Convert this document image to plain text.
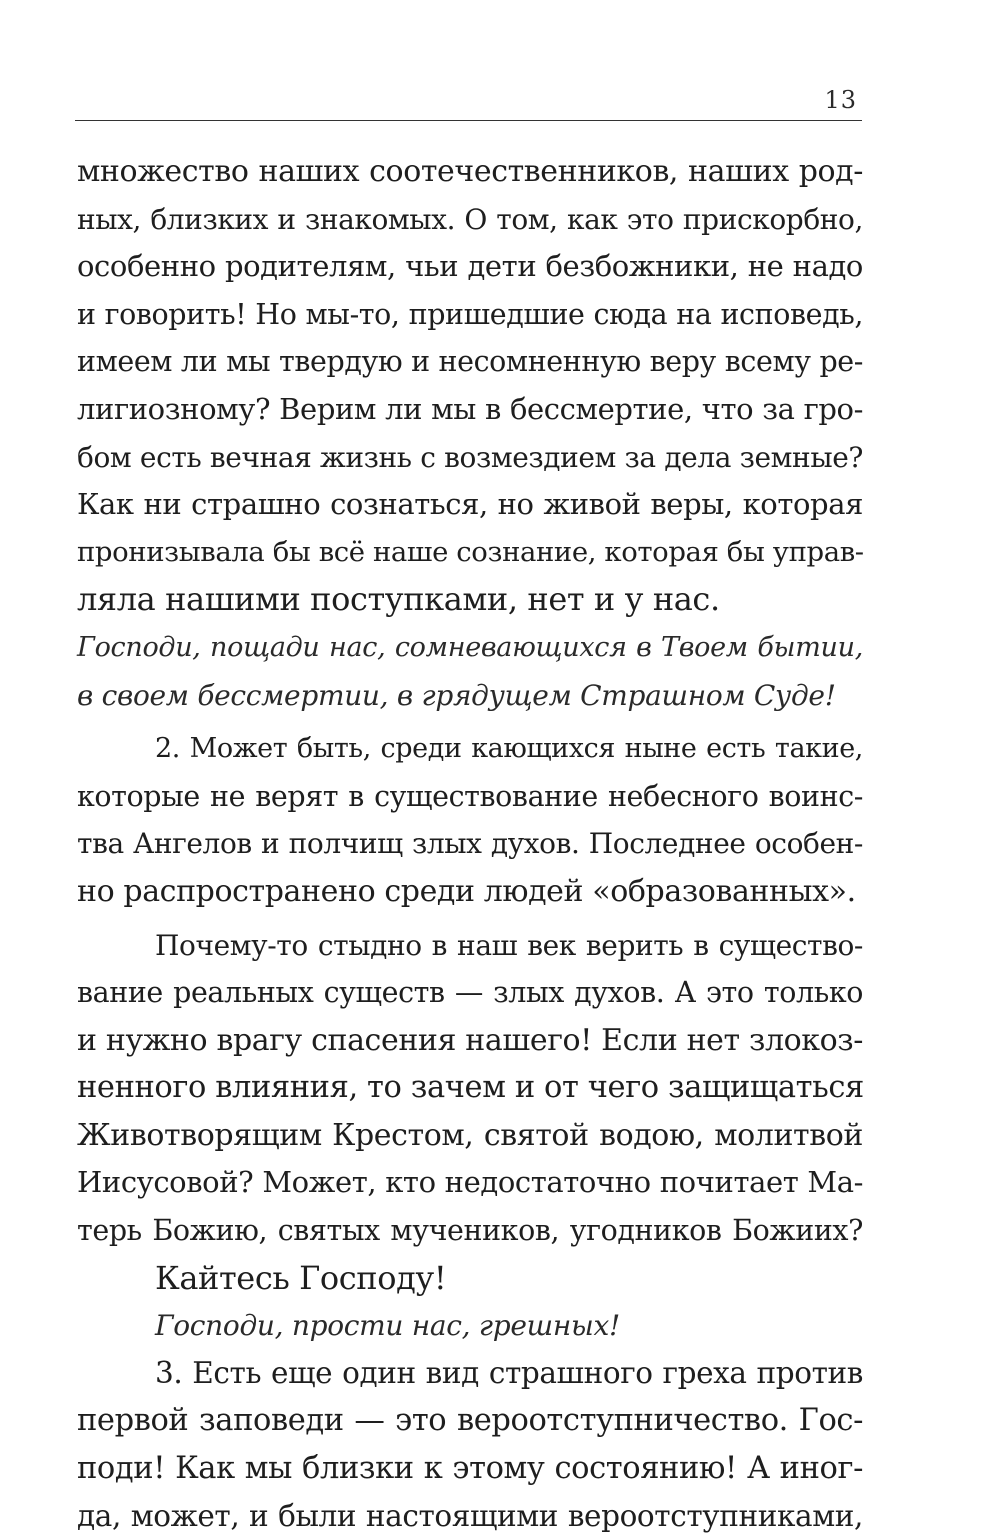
13
множество наших соотечественников, наших род-
ных, близких и знакомых. О том, как это прискорбно,
особенно родителям, чьи дети безбожники, не надо
и говорить! Но мы-то, пришедшие сюда на исповедь,
имеем ли мы твердую и несомненную веру всему ре-
лигиозному? Верим ли мы в бессмертие, что за гро-
бом есть вечная жизнь с возмездием за дела земные?
Как ни страшно сознаться, но живой веры, которая
пронизывала бы всё наше сознание, которая бы управ-
ляла нашими поступками, нет и у нас.
Господи, пощади нас, сомневающихся в Твоем бытии,
в своем бессмертии, в грядущем Страшном Суде!
2. Может быть, среди кающихся ныне есть такие,
которые не верят в существование небесного воинс-
тва Ангелов и полчищ злых духов. Последнее особен-
но распространено среди людей «образованных».
Почему-то стыдно в наш век верить в существо-
вание реальных существ — злых духов. А это только
и нужно врагу спасения нашего! Если нет злокоз-
ненного влияния, то зачем и от чего защищаться
Животворящим Крестом, святой водою, молитвой
Иисусовой? Может, кто недостаточно почитает Ма-
терь Божию, святых мучеников, угодников Божиих?
Кайтесь Господу!
Господи, прости нас, грешных!
3. Есть еще один вид страшного греха против
первой заповеди — это вероотступничество. Гос-
поди! Как мы близки к этому состоянию! А иног-
да, может, и были настоящими вероотступниками,
